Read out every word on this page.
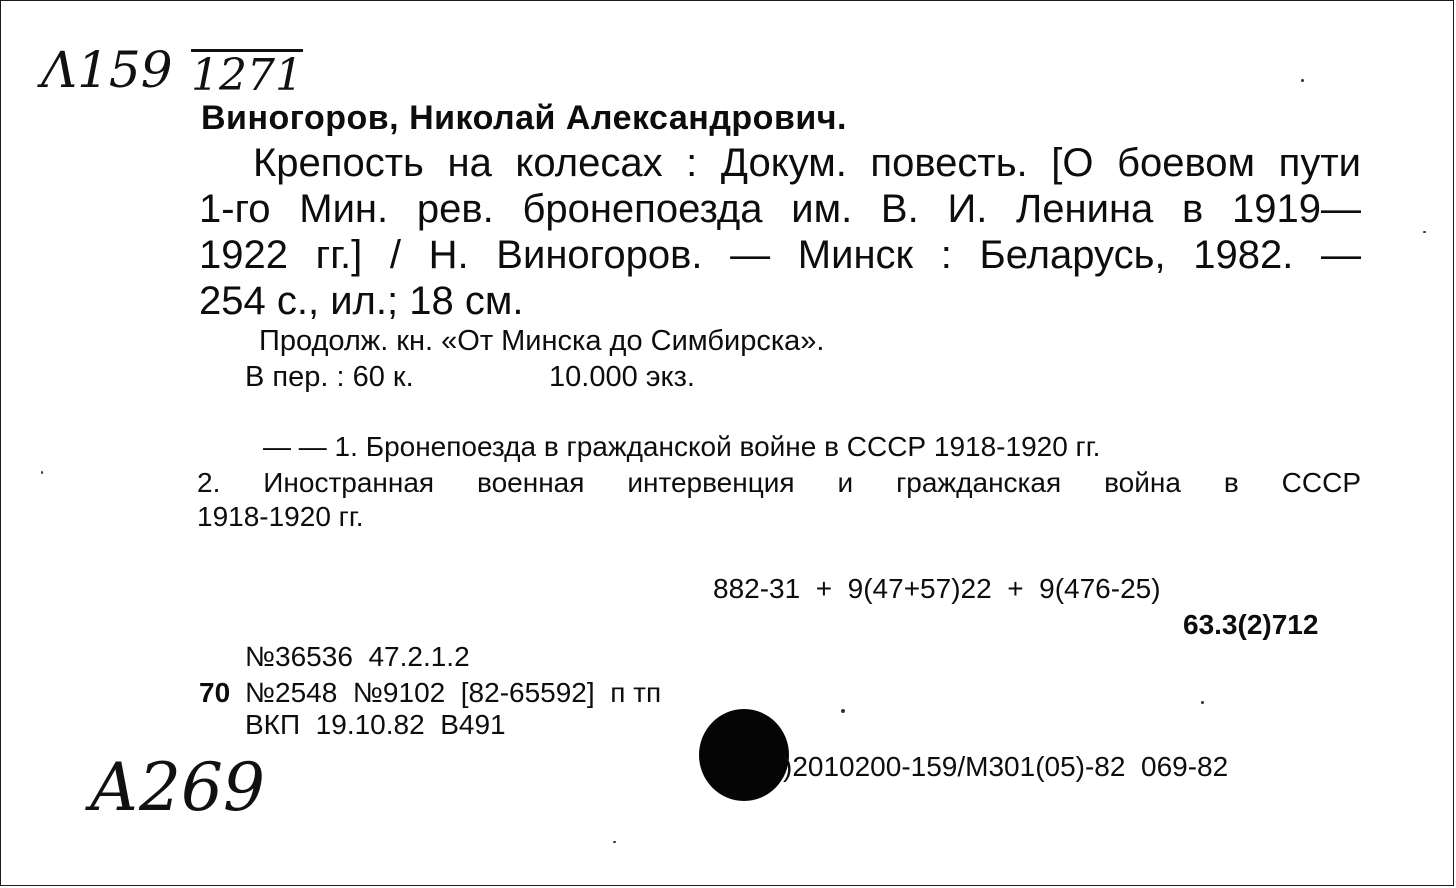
Λ159 1271
Виногоров, Николай Александрович.
Крепость на колесах : Докум. повесть. [О боевом пути
1-го Мин. рев. бронепоезда им. В. И. Ленина в 1919—
1922 гг.] / Н. Виногоров. — Минск : Беларусь, 1982. —
254 с., ил.; 18 см.
Продолж. кн. «От Минска до Симбирска».
В пер. : 60 к.	10.000 экз.
— — 1. Бронепоезда в гражданской войне в СССР 1918-1920 гг.
2. Иностранная военная интервенция и гражданская война в СССР
1918-1920 гг.
882-31  +  9(47+57)22  +  9(476-25)
63.3(2)712
№36536  47.2.1.2
70 №2548  №9102  [82-65592]  п тп
ВКП  19.10.82  В491
)2010200-159/М301(05)-82  069-82
А269
